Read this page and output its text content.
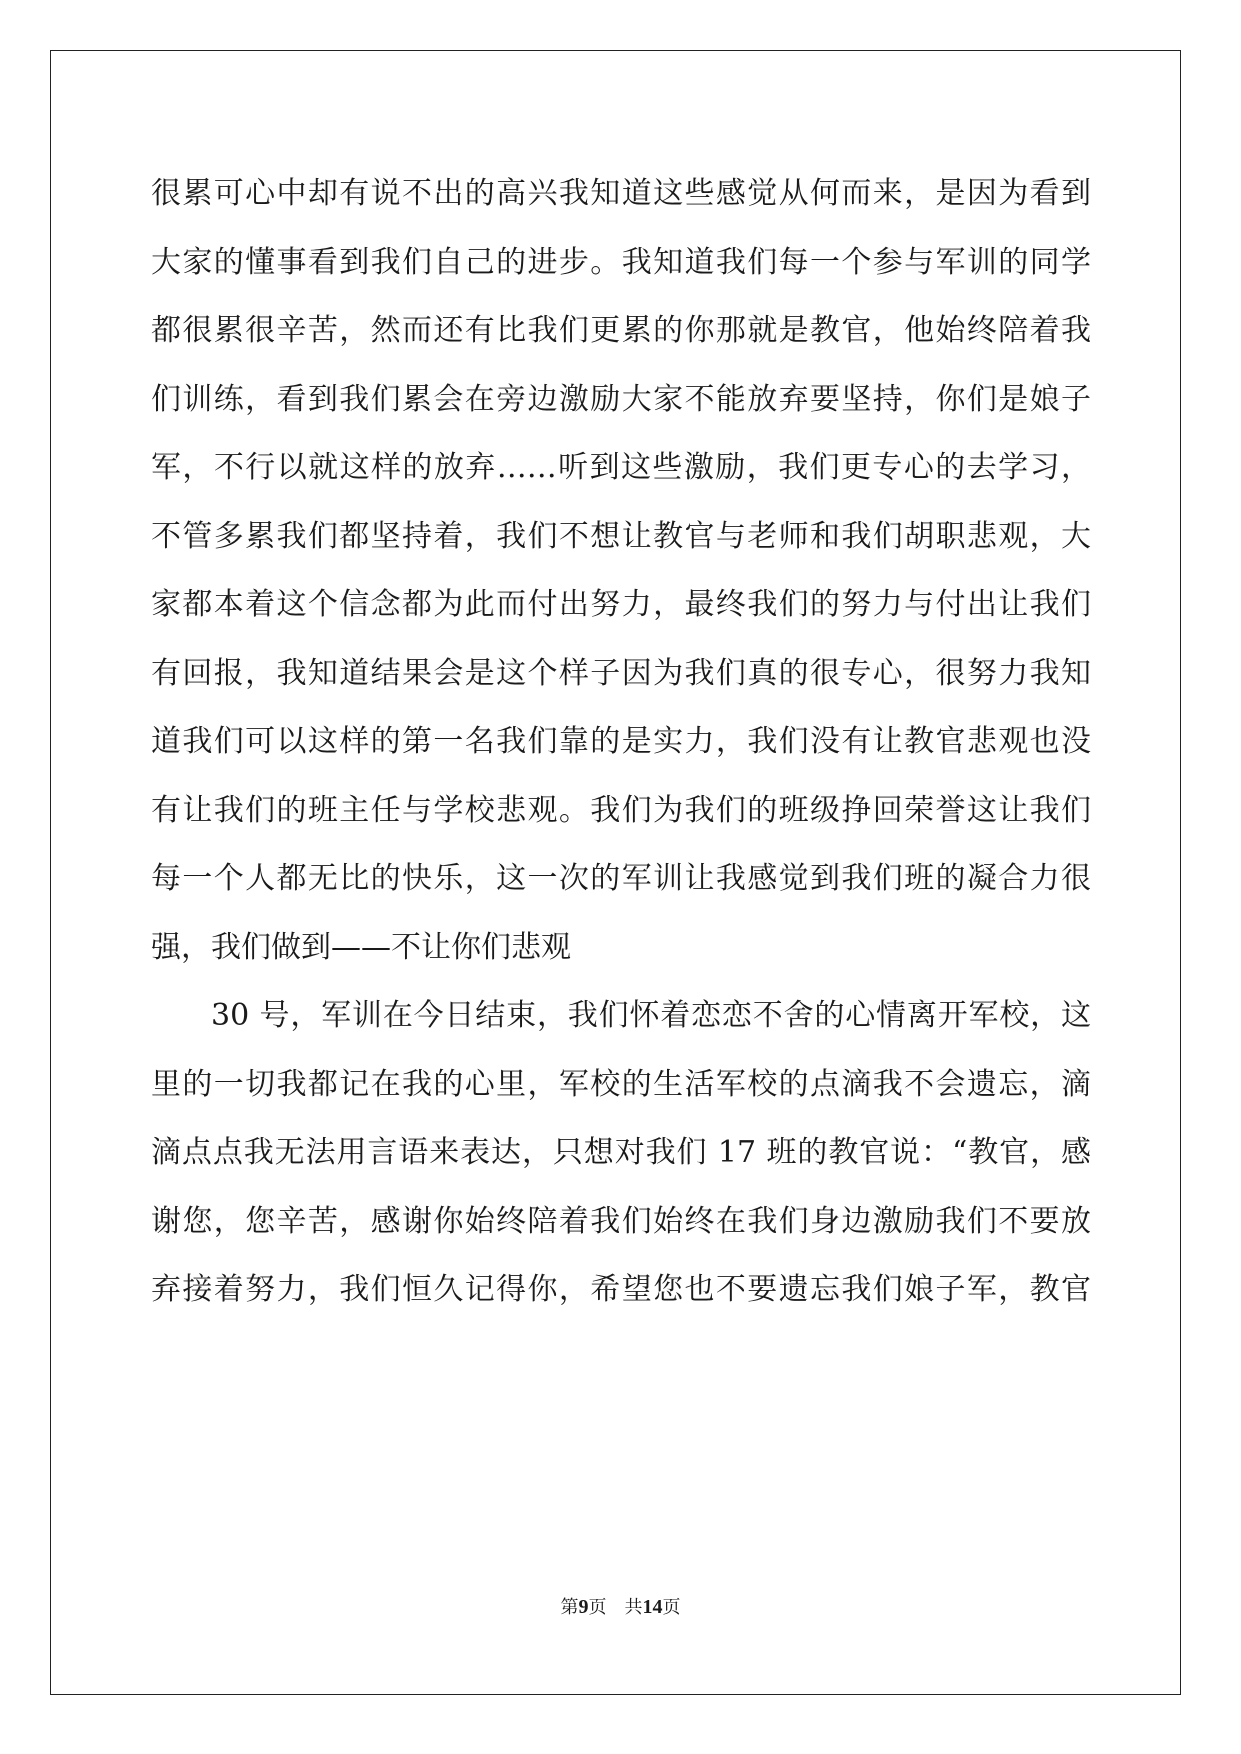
很累可心中却有说不出的高兴我知道这些感觉从何而来，是因为看到
大家的懂事看到我们自己的进步。我知道我们每一个参与军训的同学
都很累很辛苦，然而还有比我们更累的你那就是教官，他始终陪着我
们训练，看到我们累会在旁边激励大家不能放弃要坚持，你们是娘子
军，不行以就这样的放弃……听到这些激励，我们更专心的去学习，
不管多累我们都坚持着，我们不想让教官与老师和我们胡职悲观，大
家都本着这个信念都为此而付出努力，最终我们的努力与付出让我们
有回报，我知道结果会是这个样子因为我们真的很专心，很努力我知
道我们可以这样的第一名我们靠的是实力，我们没有让教官悲观也没
有让我们的班主任与学校悲观。我们为我们的班级挣回荣誉这让我们
每一个人都无比的快乐，这一次的军训让我感觉到我们班的凝合力很
强，我们做到——不让你们悲观
30 号，军训在今日结束，我们怀着恋恋不舍的心情离开军校，这
里的一切我都记在我的心里，军校的生活军校的点滴我不会遗忘，滴
滴点点我无法用言语来表达，只想对我们 17 班的教官说：“教官，感
谢您，您辛苦，感谢你始终陪着我们始终在我们身边激励我们不要放
弃接着努力，我们恒久记得你，希望您也不要遗忘我们娘子军，教官
第9页 共14页
